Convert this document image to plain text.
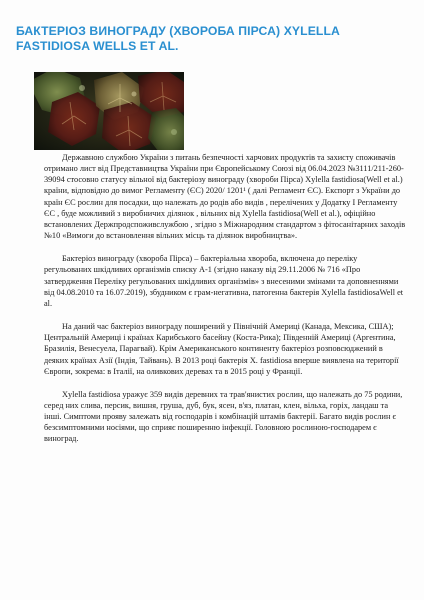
БАКТЕРІОЗ ВИНОГРАДУ (ХВОРОБА ПІРСА) XYLELLA FASTIDIOSA WELLS ET AL.

Державною службою України з питань безпечності харчових продуктів та захисту споживачів отримано лист від Представництва України при Європейському Союзі від 06.04.2023 №3111/211-260-39094 стосовно статусу вільної від бактеріозу винограду (хвороби Пірса) Xylella fastidiosa(Well et al.) країни, відповідно до вимог Регламенту (ЄС) 2020/ 1201¹ ( далі Регламент ЄС). Експорт з України до країн ЄС рослин для посадки, що належать до родів або видів , перелічених у Додатку І Регламенту ЄС , буде можливий з виробничих ділянок , вільних від Xylella fastidiosa(Well et al.), офіційно встановлених Держпродспоживслужбою , згідно з Міжнародним стандартом з фітосанітарних заходів №10 «Вимоги до встановлення вільних місць та ділянок виробництва».

Бактеріоз винограду (хвороба Пірса) – бактеріальна хвороба, включена до переліку регульованих шкідливих організмів списку А-1 (згідно наказу від 29.11.2006 № 716 «Про затвердження Переліку регульованих шкідливих організмів» з внесеними змінами та доповненнями від 04.08.2010 та 16.07.2019), збудником є грам-негативна, патогенна бактерія Xylella fastidiosaWell et al.

На даний час бактеріоз винограду поширений у Північній Америці (Канада, Мексика, США); Центральній Америці і країнах Карибського басейну (Коста-Рика); Південній Америці (Аргентина, Бразилія, Венесуела, Парагвай). Крім Американського континенту бактеріоз розповсюджений в деяких країнах Азії (Індія, Тайвань). В 2013 році бактерія X. fastidiosa вперше виявлена на території Європи, зокрема: в Італії, на оливкових деревах та в 2015 році у Франції.

Xylella fastidiosa уражує 359 видів деревних та трав'янистих рослин, що належать до 75 родини, серед них слива, персик, вишня, груша, дуб, бук, ясен, в'яз, платан, клен, вільха, горіх, ландаш та інші. Симптоми прояву залежать від господарів і комбінацій штамів бактерії. Багато видів рослин є безсимптомними носіями, що сприяє поширенню інфекції. Головною рослиною-господарем є виноград.
